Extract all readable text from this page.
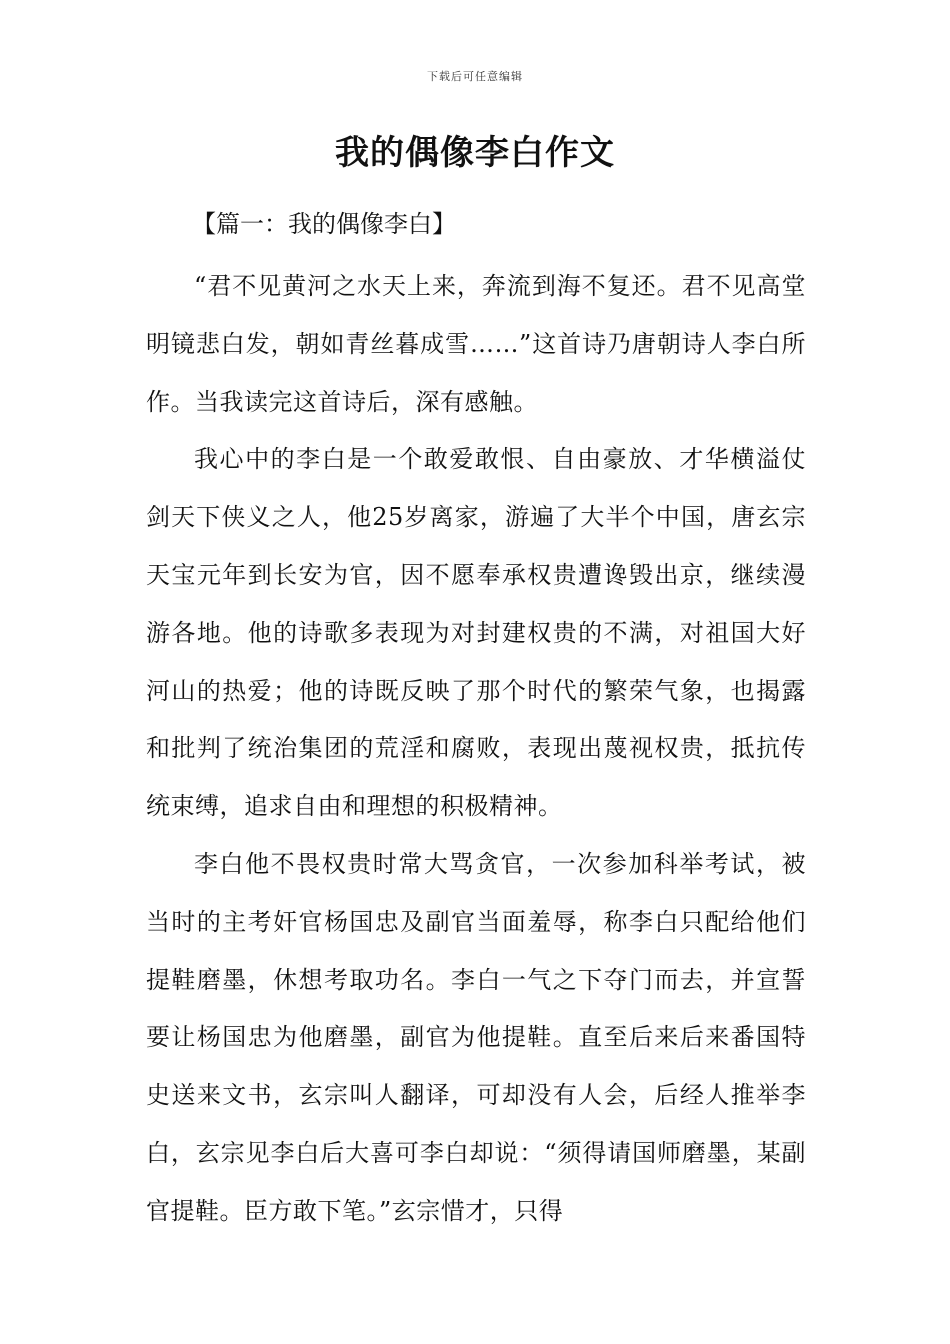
下载后可任意编辑
我的偶像李白作文

【篇一：我的偶像李白】

“君不见黄河之水天上来，奔流到海不复还。君不见高堂明镜悲白发，朝如青丝暮成雪……”这首诗乃唐朝诗人李白所作。当我读完这首诗后，深有感触。

我心中的李白是一个敢爱敢恨、自由豪放、才华横溢仗剑天下侠义之人，他25岁离家，游遍了大半个中国，唐玄宗天宝元年到长安为官，因不愿奉承权贵遭谗毁出京，继续漫游各地。他的诗歌多表现为对封建权贵的不满，对祖国大好河山的热爱；他的诗既反映了那个时代的繁荣气象，也揭露和批判了统治集团的荒淫和腐败，表现出蔑视权贵，抵抗传统束缚，追求自由和理想的积极精神。

李白他不畏权贵时常大骂贪官，一次参加科举考试，被当时的主考奸官杨国忠及副官当面羞辱，称李白只配给他们提鞋磨墨，休想考取功名。李白一气之下夺门而去，并宣誓要让杨国忠为他磨墨，副官为他提鞋。直至后来后来番国特史送来文书，玄宗叫人翻译，可却没有人会，后经人推举李白，玄宗见李白后大喜可李白却说：“须得请国师磨墨，某副官提鞋。臣方敢下笔。”玄宗惜才，只得
